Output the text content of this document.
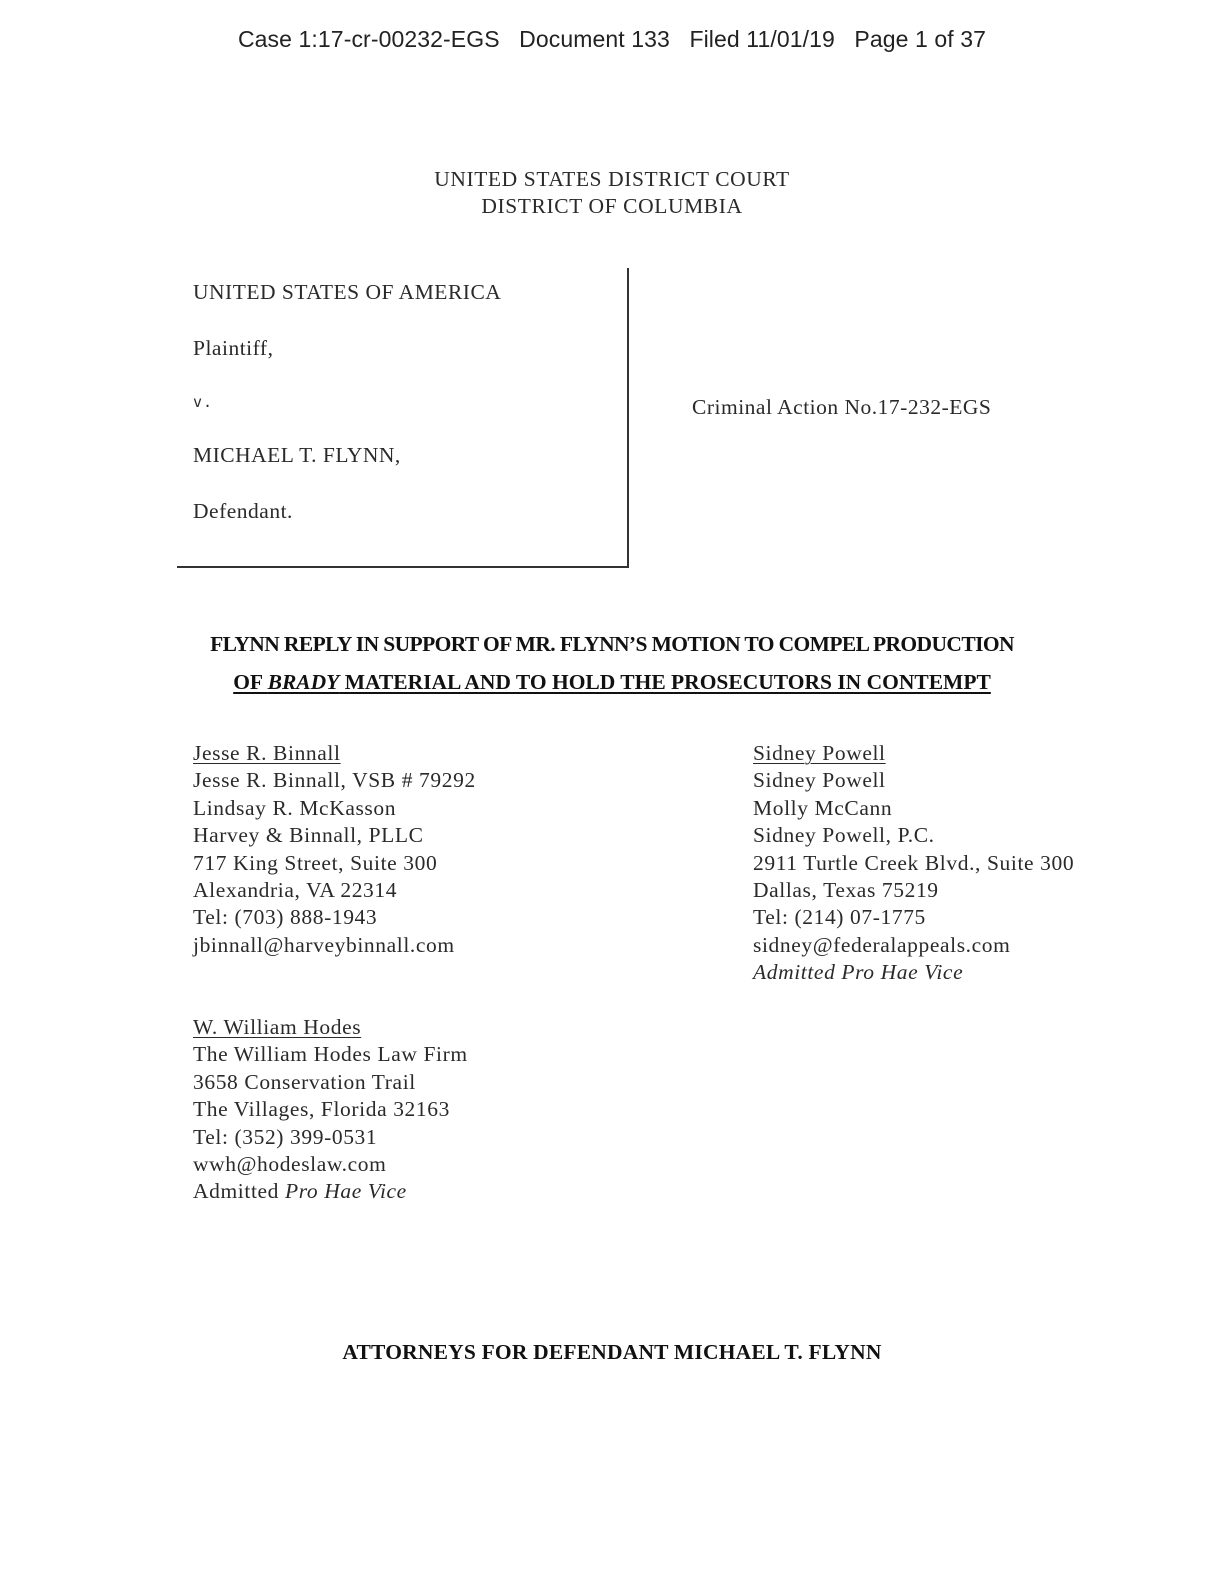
Case 1:17-cr-00232-EGS Document 133 Filed 11/01/19 Page 1 of 37
UNITED STATES DISTRICT COURT
DISTRICT OF COLUMBIA
UNITED STATES OF AMERICA
Plaintiff,
v.
MICHAEL T. FLYNN,
Defendant.
Criminal Action No.17-232-EGS
FLYNN REPLY IN SUPPORT OF MR. FLYNN’S MOTION TO COMPEL PRODUCTION
OF BRADY MATERIAL AND TO HOLD THE PROSECUTORS IN CONTEMPT
Jesse R. Binnall
Jesse R. Binnall, VSB # 79292
Lindsay R. McKasson
Harvey & Binnall, PLLC
717 King Street, Suite 300
Alexandria, VA 22314
Tel: (703) 888-1943
jbinnall@harveybinnall.com
Sidney Powell
Sidney Powell
Molly McCann
Sidney Powell, P.C.
2911 Turtle Creek Blvd., Suite 300
Dallas, Texas 75219
Tel: (214) 07-1775
sidney@federalappeals.com
Admitted Pro Hae Vice
W. William Hodes
The William Hodes Law Firm
3658 Conservation Trail
The Villages, Florida 32163
Tel: (352) 399-0531
wwh@hodeslaw.com
Admitted Pro Hae Vice
ATTORNEYS FOR DEFENDANT MICHAEL T. FLYNN
